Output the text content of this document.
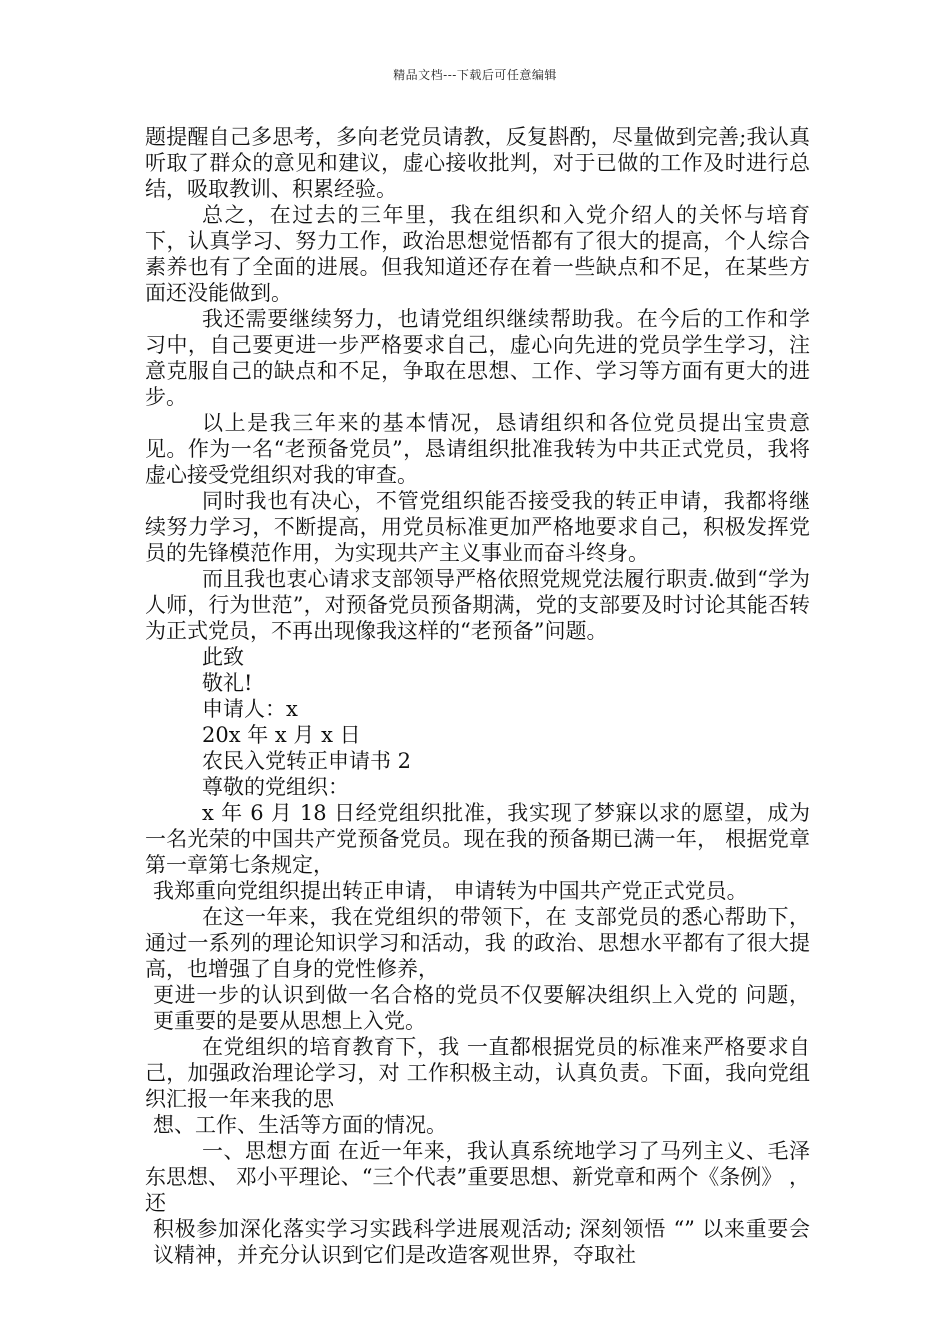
精品文档---下载后可任意编辑

题提醒自己多思考，多向老党员请教，反复斟酌，尽量做到完善;我认真听取了群众的意见和建议，虚心接收批判，对于已做的工作及时进行总结，吸取教训、积累经验。

总之，在过去的三年里，我在组织和入党介绍人的关怀与培育下，认真学习、努力工作，政治思想觉悟都有了很大的提高，个人综合素养也有了全面的进展。但我知道还存在着一些缺点和不足，在某些方面还没能做到。

我还需要继续努力，也请党组织继续帮助我。在今后的工作和学习中，自己要更进一步严格要求自己，虚心向先进的党员学生学习，注意克服自己的缺点和不足，争取在思想、工作、学习等方面有更大的进步。

以上是我三年来的基本情况，恳请组织和各位党员提出宝贵意见。作为一名“老预备党员”，恳请组织批准我转为中共正式党员，我将虚心接受党组织对我的审查。

同时我也有决心，不管党组织能否接受我的转正申请，我都将继续努力学习，不断提高，用党员标准更加严格地要求自己，积极发挥党员的先锋模范作用，为实现共产主义事业而奋斗终身。

而且我也衷心请求支部领导严格依照党规党法履行职责.做到“学为人师，行为世范”，对预备党员预备期满，党的支部要及时讨论其能否转为正式党员，不再出现像我这样的“老预备”问题。

此致

敬礼!

申请人：x

20x 年 x 月 x 日

农民入党转正申请书 2

尊敬的党组织：

x 年 6 月 18 日经党组织批准，我实现了梦寐以求的愿望，成为一名光荣的中国共产党预备党员。现在我的预备期已满一年， 根据党章第一章第七条规定，

我郑重向党组织提出转正申请， 申请转为中国共产党正式党员。

在这一年来，我在党组织的带领下，在 支部党员的悉心帮助下，通过一系列的理论知识学习和活动，我 的政治、思想水平都有了很大提高，也增强了自身的党性修养，

更进一步的认识到做一名合格的党员不仅要解决组织上入党的 问题，更重要的是要从思想上入党。

在党组织的培育教育下，我 一直都根据党员的标准来严格要求自己，加强政治理论学习，对 工作积极主动，认真负责。下面，我向党组织汇报一年来我的思

想、工作、生活等方面的情况。

一、思想方面 在近一年来，我认真系统地学习了马列主义、毛泽东思想、 邓小平理论、“三个代表”重要思想、新党章和两个《条例》 ，还

积极参加深化落实学习实践科学进展观活动; 深刻领悟 “” 以来重要会议精神，并充分认识到它们是改造客观世界，夺取社
